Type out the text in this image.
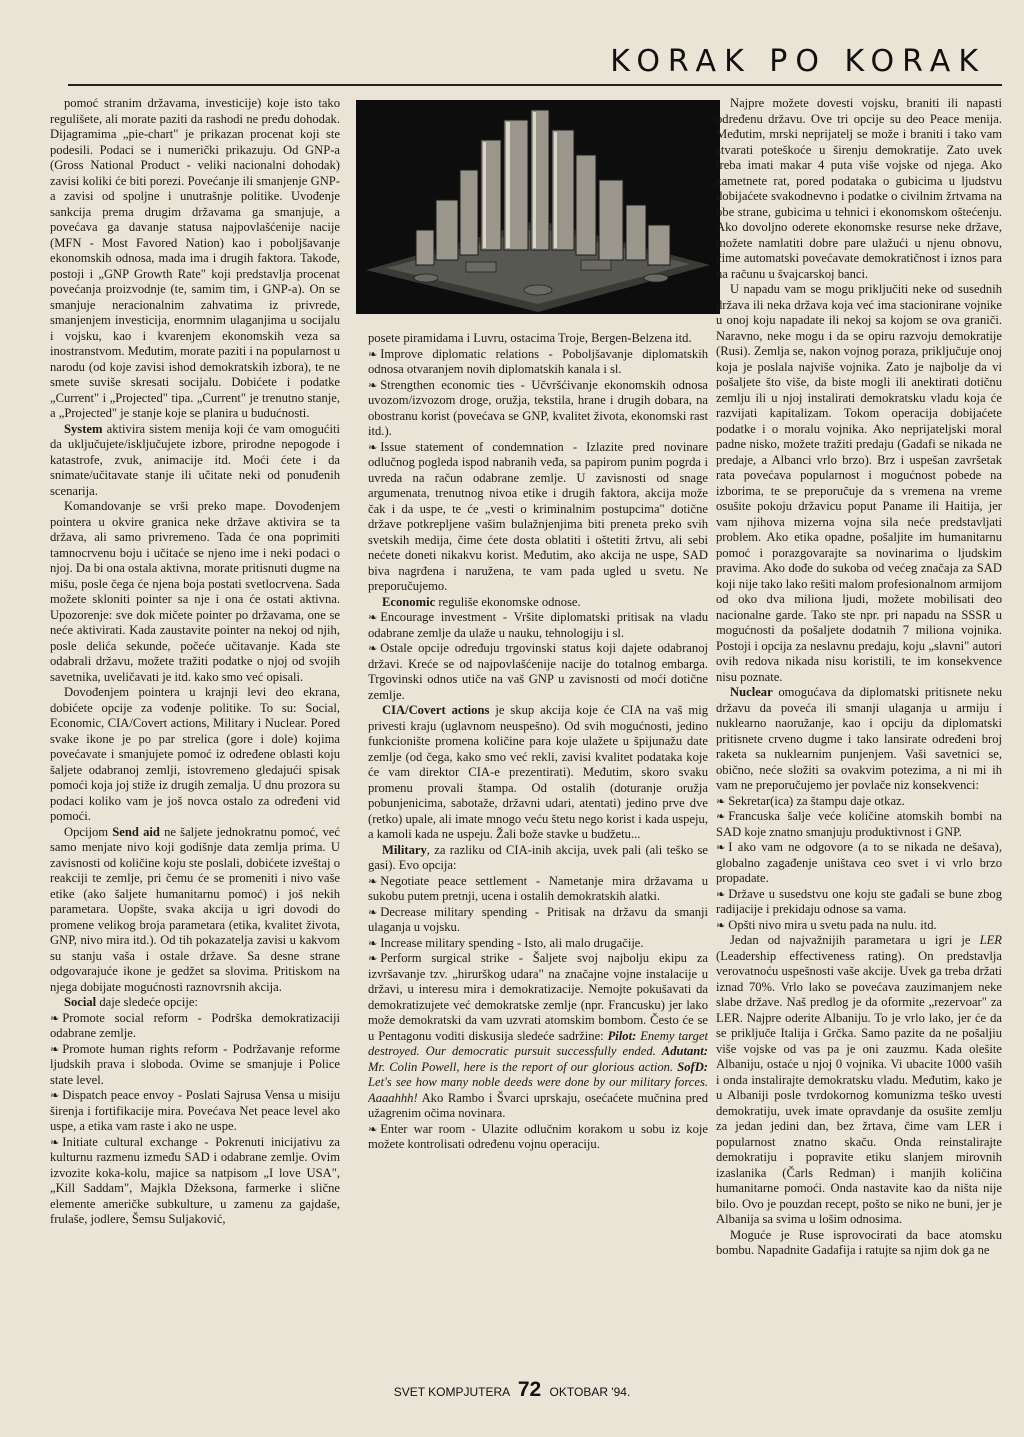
KORAK PO KORAK

pomoć stranim državama, investicije) koje isto tako regulišete, ali morate paziti da rashodi ne pređu dohodak. Dijagramima „pie-chart" je prikazan procenat koji ste podesili. Podaci se i numerički prikazuju. Od GNP-a (Gross National Product - veliki nacionalni dohodak) zavisi koliki će biti porezi. Povećanje ili smanjenje GNP-a zavisi od spoljne i unutrašnje politike. Uvođenje sankcija prema drugim državama ga smanjuje, a povećava ga davanje statusa najpovlašćenije nacije (MFN - Most Favored Nation) kao i poboljšavanje ekonomskih odnosa, mada ima i drugih faktora. Takođe, postoji i „GNP Growth Rate" koji predstavlja procenat povećanja proizvodnje (te, samim tim, i GNP-a). On se smanjuje neracionalnim zahvatima iz privrede, smanjenjem investicija, enormnim ulaganjima u socijalu i vojsku, kao i kvarenjem ekonomskih veza sa inostranstvom. Međutim, morate paziti i na popularnost u narodu (od koje zavisi ishod demokratskih izbora), te ne smete suviše skresati socijalu. Dobićete i podatke „Current" i „Projected" tipa. „Current" je trenutno stanje, a „Projected" je stanje koje se planira u budućnosti.

System aktivira sistem menija koji će vam omogućiti da uključujete/isključujete izbore, prirodne nepogode i katastrofe, zvuk, animacije itd. Moći ćete i da snimate/učitavate stanje ili učitate neki od ponuđenih scenarija.

Komandovanje se vrši preko mape. Dovođenjem pointera u okvire granica neke države aktivira se ta država, ali samo privremeno. Tada će ona poprimiti tamnocrvenu boju i učitaće se njeno ime i neki podaci o njoj. Da bi ona ostala aktivna, morate pritisnuti dugme na mišu, posle čega će njena boja postati svetlocrvena. Sada možete skloniti pointer sa nje i ona će ostati aktivna. Upozorenje: sve dok mičete pointer po državama, one se neće aktivirati. Kada zaustavite pointer na nekoj od njih, posle delića sekunde, počeće učitavanje. Kada ste odabrali državu, možete tražiti podatke o njoj od svojih savetnika, uveličavati je itd. kako smo već opisali.

Dovođenjem pointera u krajnji levi deo ekrana, dobićete opcije za vođenje politike. To su: Social, Economic, CIA/Covert actions, Military i Nuclear. Pored svake ikone je po par strelica (gore i dole) kojima povećavate i smanjujete pomoć iz određene oblasti koju šaljete odabranoj zemlji, istovremeno gledajući spisak pomoći koja joj stiže iz drugih zemalja. U dnu prozora su podaci koliko vam je još novca ostalo za određeni vid pomoći.

Opcijom Send aid ne šaljete jednokratnu pomoć, već samo menjate nivo koji godišnje data zemlja prima. U zavisnosti od količine koju ste poslali, dobićete izveštaj o reakciji te zemlje, pri čemu će se promeniti i nivo vaše etike (ako šaljete humanitarnu pomoć) i još nekih parametara. Uopšte, svaka akcija u igri dovodi do promene velikog broja parametara (etika, kvalitet života, GNP, nivo mira itd.). Od tih pokazatelja zavisi u kakvom su stanju vaša i ostale države. Sa desne strane odgovarajuće ikone je gedžet sa slovima. Pritiskom na njega dobijate mogućnosti raznovrsnih akcija.

Social daje sledeće opcije:

❧ Promote social reform - Podrška demokratizaciji odabrane zemlje.

❧ Promote human rights reform - Podržavanje reforme ljudskih prava i sloboda. Ovime se smanjuje i Police state level.

❧ Dispatch peace envoy - Poslati Sajrusa Vensa u misiju širenja i fortifikacije mira. Povećava Net peace level ako uspe, a etika vam raste i ako ne uspe.

❧ Initiate cultural exchange - Pokrenuti inicijativu za kulturnu razmenu između SAD i odabrane zemlje. Ovim izvozite koka-kolu, majice sa natpisom „I love USA", „Kill Saddam", Majkla Džeksona, farmerke i slične elemente američke subkulture, u zamenu za gajdaše, frulaše, jodlere, Šemsu Suljaković,

posete piramidama i Luvru, ostacima Troje, Bergen-Belzena itd.

❧ Improve diplomatic relations - Poboljšavanje diplomatskih odnosa otvaranjem novih diplomatskih kanala i sl.

❧ Strengthen economic ties - Učvršćivanje ekonomskih odnosa uvozom/izvozom droge, oružja, tekstila, hrane i drugih dobara, na obostranu korist (povećava se GNP, kvalitet života, ekonomski rast itd.).

❧ Issue statement of condemnation - Izlazite pred novinare odlučnog pogleda ispod nabranih veđa, sa papirom punim pogrda i uvreda na račun odabrane zemlje. U zavisnosti od snage argumenata, trenutnog nivoa etike i drugih faktora, akcija može čak i da uspe, te će „vesti o kriminalnim postupcima" dotične države potkrepljene vašim bulažnjenjima biti preneta preko svih svetskih medija, čime ćete dosta oblatiti i oštetiti žrtvu, ali sebi nećete doneti nikakvu korist. Međutim, ako akcija ne uspe, SAD biva nagrđena i naružena, te vam pada ugled u svetu. Ne preporučujemo.

Economic reguliše ekonomske odnose.

❧ Encourage investment - Vršite diplomatski pritisak na vladu odabrane zemlje da ulaže u nauku, tehnologiju i sl.

❧ Ostale opcije određuju trgovinski status koji dajete odabranoj državi. Kreće se od najpovlašćenije nacije do totalnog embarga. Trgovinski odnos utiče na vaš GNP u zavisnosti od moći dotične zemlje.

CIA/Covert actions je skup akcija koje će CIA na vaš mig privesti kraju (uglavnom neuspešno). Od svih mogućnosti, jedino funkcionište promena količine para koje ulažete u špijunažu date zemlje (od čega, kako smo već rekli, zavisi kvalitet podataka koje će vam direktor CIA-e prezentirati). Međutim, skoro svaku promenu provali štampa. Od ostalih (doturanje oružja pobunjenicima, sabotaže, državni udari, atentati) jedino prve dve (retko) upale, ali imate mnogo veću štetu nego korist i kada uspeju, a kamoli kada ne uspeju. Žali bože stavke u budžetu...

Military, za razliku od CIA-inih akcija, uvek pali (ali teško se gasi). Evo opcija:

❧ Negotiate peace settlement - Nametanje mira državama u sukobu putem pretnji, ucena i ostalih demokratskih alatki.

❧ Decrease military spending - Pritisak na državu da smanji ulaganja u vojsku.

❧ Increase military spending - Isto, ali malo drugačije.

❧ Perform surgical strike - Šaljete svoj najbolju ekipu za izvršavanje tzv. „hirurškog udara" na značajne vojne instalacije u državi, u interesu mira i demokratizacije. Nemojte pokušavati da demokratizujete već demokratske zemlje (npr. Francusku) jer lako može demokratski da vam uzvrati atomskim bombom. Često će se u Pentagonu voditi diskusija sledeće sadržine: Pilot: Enemy target destroyed. Our democratic pursuit successfully ended. Adutant: Mr. Colin Powell, here is the report of our glorious action. SofD: Let's see how many noble deeds were done by our military forces. Aaaahhh! Ako Rambo i Švarci uprskaju, osećaćete mučnina pred užagrenim očima novinara.

❧ Enter war room - Ulazite odlučnim korakom u sobu iz koje možete kontrolisati određenu vojnu operaciju.

Najpre možete dovesti vojsku, braniti ili napasti određenu državu. Ove tri opcije su deo Peace menija. Međutim, mrski neprijatelj se može i braniti i tako vam stvarati poteškoće u širenju demokratije. Zato uvek treba imati makar 4 puta više vojske od njega. Ako zametnete rat, pored podataka o gubicima u ljudstvu dobijaćete svakodnevno i podatke o civilnim žrtvama na obe strane, gubicima u tehnici i ekonomskom oštećenju. Ako dovoljno oderete ekonomske resurse neke države, možete namlatiti dobre pare ulažući u njenu obnovu, čime automatski povećavate demokratičnost i iznos para na računu u švajcarskoj banci.

U napadu vam se mogu priključiti neke od susednih država ili neka država koja već ima stacionirane vojnike u onoj koju napadate ili nekoj sa kojom se ova graniči. Naravno, neke mogu i da se opiru razvoju demokratije (Rusi). Zemlja se, nakon vojnog poraza, priključuje onoj koja je poslala najviše vojnika. Zato je najbolje da vi pošaljete što više, da biste mogli ili anektirati dotičnu zemlju ili u njoj instalirati demokratsku vladu koja će razvijati kapitalizam. Tokom operacija dobijaćete podatke i o moralu vojnika. Ako neprijateljski moral padne nisko, možete tražiti predaju (Gadafi se nikada ne predaje, a Albanci vrlo brzo). Brz i uspešan završetak rata povećava popularnost i mogućnost pobede na izborima, te se preporučuje da s vremena na vreme osušite pokoju državicu poput Paname ili Haitija, jer vam njihova mizerna vojna sila neće predstavljati problem. Ako etika opadne, pošaljite im humanitarnu pomoć i porazgovarajte sa novinarima o ljudskim pravima. Ako dođe do sukoba od većeg značaja za SAD koji nije tako lako rešiti malom profesionalnom armijom od oko dva miliona ljudi, možete mobilisati deo nacionalne garde. Tako ste npr. pri napadu na SSSR u mogućnosti da pošaljete dodatnih 7 miliona vojnika. Postoji i opcija za neslavnu predaju, koju „slavni" autori ovih redova nikada nisu koristili, te im konsekvence nisu poznate.

Nuclear omogućava da diplomatski pritisnete neku državu da poveća ili smanji ulaganja u armiju i nuklearno naoružanje, kao i opciju da diplomatski pritisnete crveno dugme i tako lansirate određeni broj raketa sa nuklearnim punjenjem. Vaši savetnici se, obično, neće složiti sa ovakvim potezima, a ni mi ih vam ne preporučujemo jer povlače niz konsekvenci:

❧ Sekretar(ica) za štampu daje otkaz.

❧ Francuska šalje veće količine atomskih bombi na SAD koje znatno smanjuju produktivnost i GNP.

❧ I ako vam ne odgovore (a to se nikada ne dešava), globalno zagađenje uništava ceo svet i vi vrlo brzo propadate.

❧ Države u susedstvu one koju ste gađali se bune zbog radijacije i prekidaju odnose sa vama.

❧ Opšti nivo mira u svetu pada na nulu. itd.

Jedan od najvažnijih parametara u igri je LER (Leadership effectiveness rating). On predstavlja verovatnoću uspešnosti vaše akcije. Uvek ga treba držati iznad 70%. Vrlo lako se povećava zauzimanjem neke slabe države. Naš predlog je da oformite „rezervoar" za LER. Najpre oderite Albaniju. To je vrlo lako, jer će da se priključe Italija i Grčka. Samo pazite da ne pošaljiu više vojske od vas pa je oni zauzmu. Kada olešite Albaniju, ostaće u njoj 0 vojnika. Vi ubacite 1000 vaših i onda instalirajte demokratsku vladu. Međutim, kako je u Albaniji posle tvrdokornog komunizma teško uvesti demokratiju, uvek imate opravdanje da osušite zemlju za jedan jedini dan, bez žrtava, čime vam LER i popularnost znatno skaču. Onda reinstalirajte demokratiju i popravite etiku slanjem mirovnih izaslanika (Čarls Redman) i manjih količina humanitarne pomoći. Onda nastavite kao da ništa nije bilo. Ovo je pouzdan recept, pošto se niko ne buni, jer je Albanija sa svima u lošim odnosima.

Moguće je Ruse isprovocirati da bace atomsku bombu. Napadnite Gadafija i ratujte sa njim dok ga ne

SVET KOMPJUTERA 72 OKTOBAR '94.
